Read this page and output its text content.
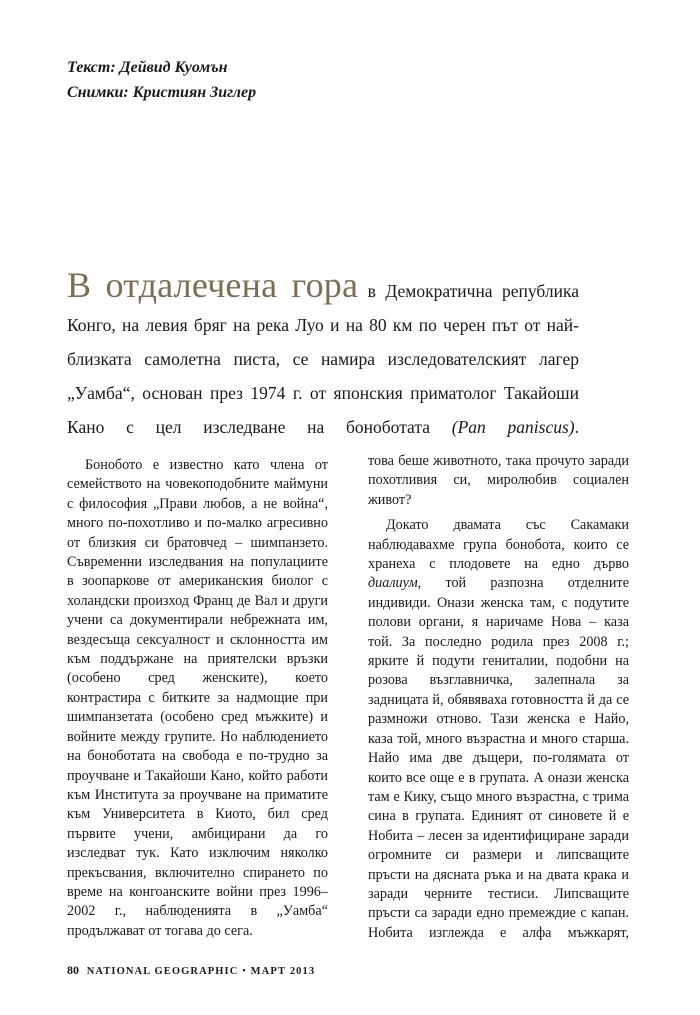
Текст: Дейвид Куомън

Снимки: Кристиян Зиглер

В отдалечена гора в Демократична република Конго, на левия бряг на река Луо и на 80 км по черен път от най-близката самолетна писта, се намира изследователският лагер „Уамба“, основан през 1974 г. от японския приматолог Такайоши Кано с цел изследване на боноботата (Pan paniscus).

Боноботo е известно като члена от семейството на човекоподобните маймуни с философия „Прави любов, а не война“, много по-похотливо и по-малко агресивно от близкия си братовчед – шимпанзето. Съвременни изследвания на популациите в зоопаркове от американския биолог с холандски произход Франц де Вал и други учени са документирали небрежната им, вездесъща сексуалност и склонността им към поддържане на приятелски връзки (особено сред женските), което контрастира с битките за надмощие при шимпанзетата (особено сред мъжките) и войните между групите. Но наблюдението на боноботата на свобода е по-трудно за проучване и Такайоши Кано, който работи към Института за проучване на приматите към Университета в Киото, бил сред първите учени, амбицирани да го изследват тук. Като изключим няколко прекъсвания, включително спирането по време на конгоанските войни през 1996–2002 г., наблюденията в „Уамба“ продължават от тогава до сега.

това беше животното, така прочуто заради похотливия си, миролюбив социален живот?

Докато двамата със Сакамаки наблюдавахме група боноботa, които се хранеха с плодовете на едно дърво диалиум, той разпозна отделните индивиди. Онази женска там, с подутите полови органи, я наричаме Нова – каза той. За последно родила през 2008 г.; ярките й подути гениталии, подобни на розова възглавничка, залепнала за задницата й, обявяваха готовността й да се размножи отново. Тази женска е Найо, каза той, много възрастна и много старша. Найо има две дъщери, по-голямата от които все още е в групата. А онази женска там е Кику, също много възрастна, с трима сина в групата. Единият от синовете й е Нобита – лесен за идентифициране заради огромните си размери и липсващите пръсти на дясната ръка и на двата крака и заради черните тестиси. Липсващите пръсти са заради едно премеждие с капан. Нобита изглежда е алфа мъжкарят,

80 NATIONAL GEOGRAPHIC • МАРТ 2013
